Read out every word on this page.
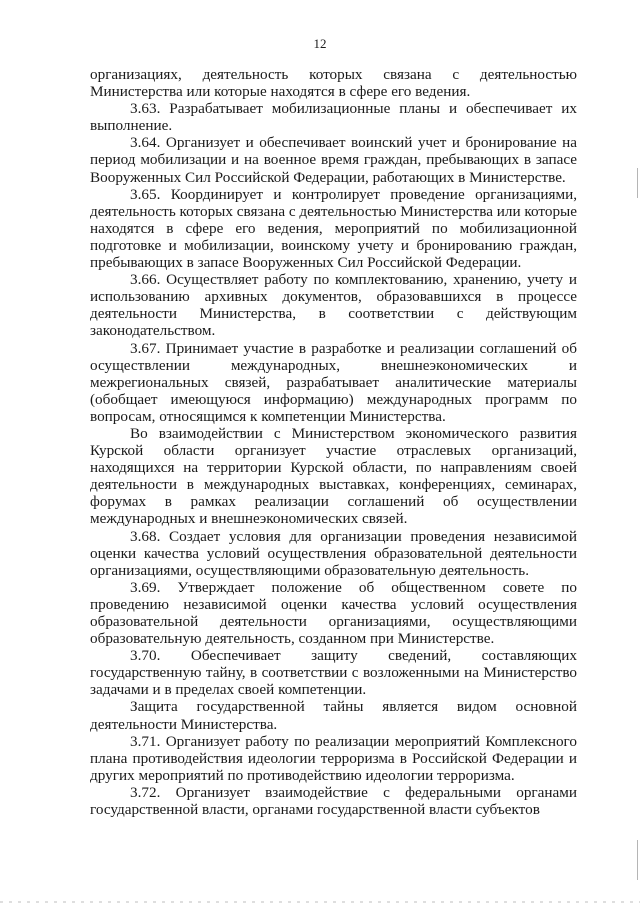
12

организациях, деятельность которых связана с деятельностью Министерства или которые находятся в сфере его ведения.

3.63. Разрабатывает мобилизационные планы и обеспечивает их выполнение.

3.64. Организует и обеспечивает воинский учет и бронирование на период мобилизации и на военное время граждан, пребывающих в запасе Вооруженных Сил Российской Федерации, работающих в Министерстве.

3.65. Координирует и контролирует проведение организациями, деятельность которых связана с деятельностью Министерства или которые находятся в сфере его ведения, мероприятий по мобилизационной подготовке и мобилизации, воинскому учету и бронированию граждан, пребывающих в запасе Вооруженных Сил Российской Федерации.

3.66. Осуществляет работу по комплектованию, хранению, учету и использованию архивных документов, образовавшихся в процессе деятельности Министерства, в соответствии с действующим законодательством.

3.67. Принимает участие в разработке и реализации соглашений об осуществлении международных, внешнеэкономических и межрегиональных связей, разрабатывает аналитические материалы (обобщает имеющуюся информацию) международных программ по вопросам, относящимся к компетенции Министерства.

Во взаимодействии с Министерством экономического развития Курской области организует участие отраслевых организаций, находящихся на территории Курской области, по направлениям своей деятельности в международных выставках, конференциях, семинарах, форумах в рамках реализации соглашений об осуществлении международных и внешнеэкономических связей.

3.68. Создает условия для организации проведения независимой оценки качества условий осуществления образовательной деятельности организациями, осуществляющими образовательную деятельность.

3.69. Утверждает положение об общественном совете по проведению независимой оценки качества условий осуществления образовательной деятельности организациями, осуществляющими образовательную деятельность, созданном при Министерстве.

3.70. Обеспечивает защиту сведений, составляющих государственную тайну, в соответствии с возложенными на Министерство задачами и в пределах своей компетенции.

Защита государственной тайны является видом основной деятельности Министерства.

3.71. Организует работу по реализации мероприятий Комплексного плана противодействия идеологии терроризма в Российской Федерации и других мероприятий по противодействию идеологии терроризма.

3.72. Организует взаимодействие с федеральными органами государственной власти, органами государственной власти субъектов
